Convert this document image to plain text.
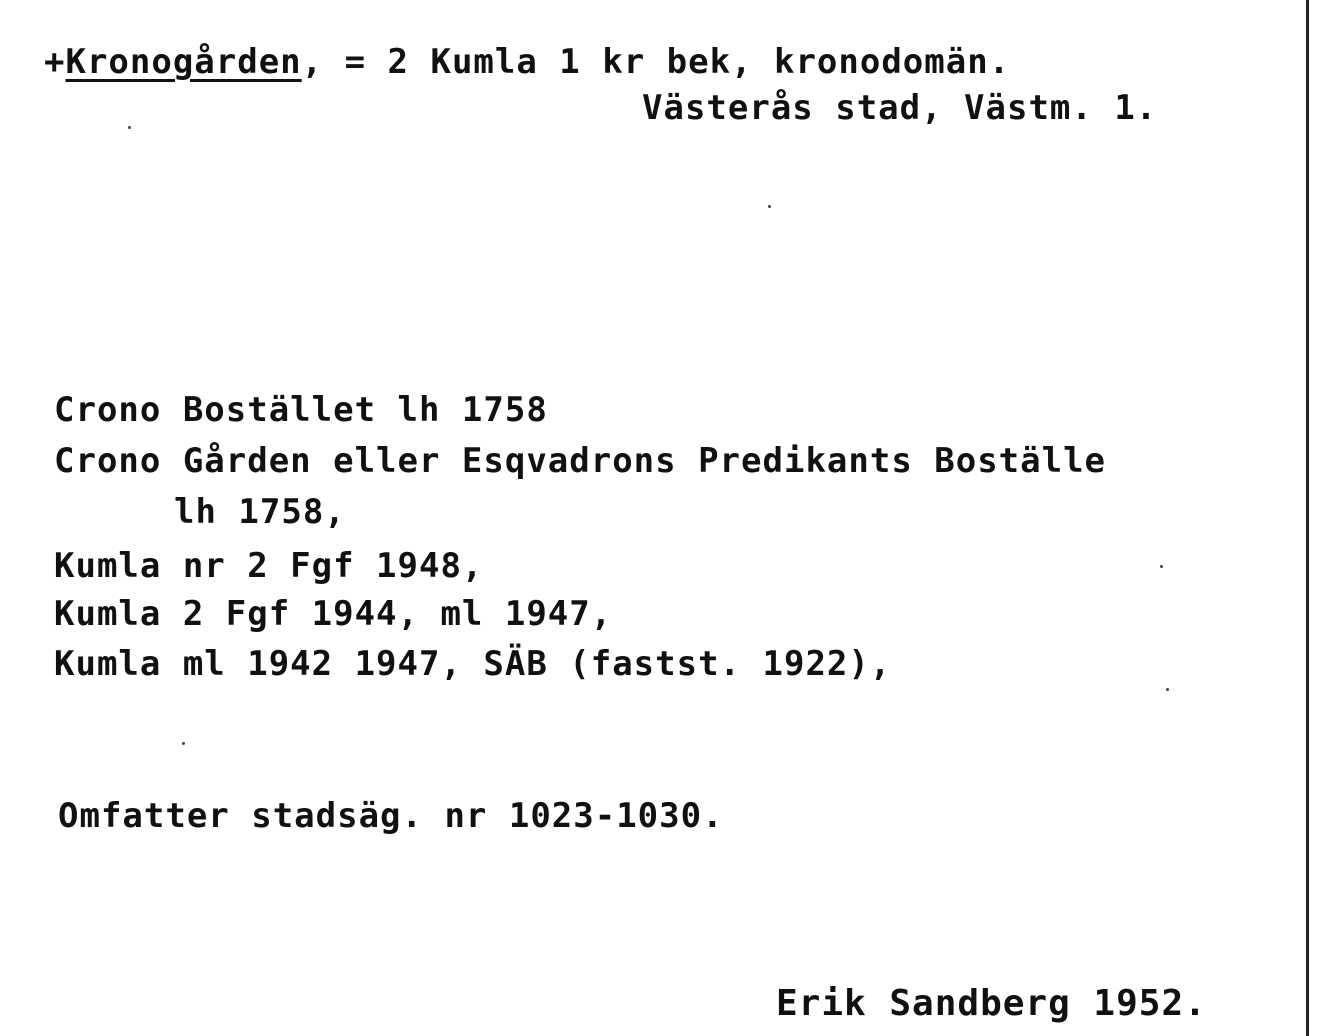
+Kronogården, = 2 Kumla 1 kr bek, kronodomän.
Västerås stad, Västm. 1.
Crono Bostället lh 1758
Crono Gården eller Esqvadrons Predikants Boställe
lh 1758,
Kumla nr 2 Fgf 1948,
Kumla 2 Fgf 1944, ml 1947,
Kumla ml 1942 1947, SÄB (fastst. 1922),
Omfatter stadsäg. nr 1023-1030.
Erik Sandberg 1952.
